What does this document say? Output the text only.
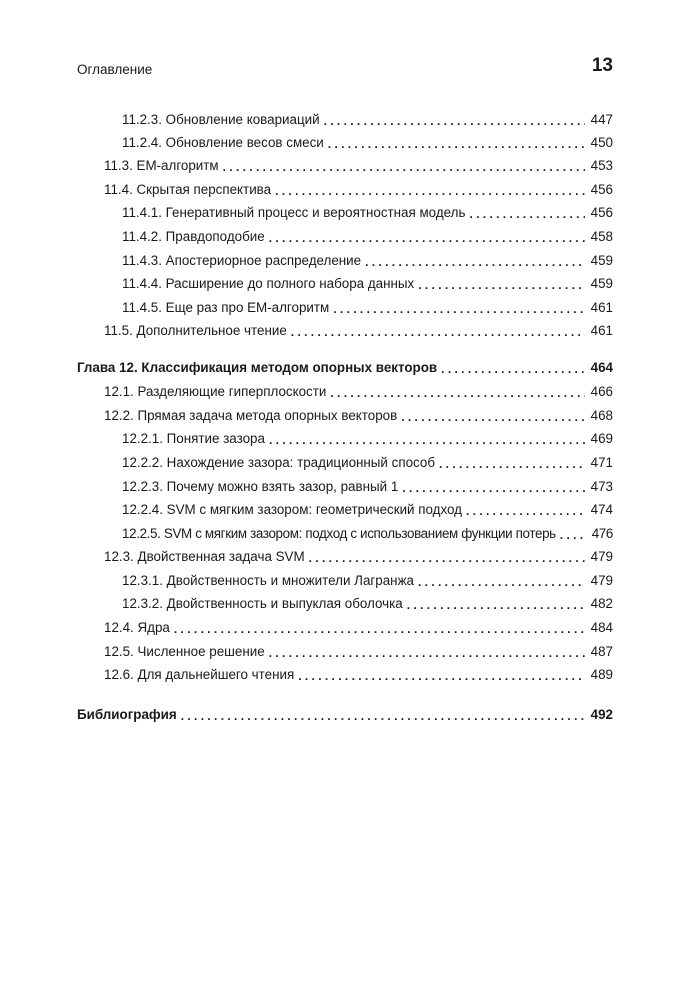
Оглавление	13
11.2.3. Обновление ковариаций . . .	447
11.2.4. Обновление весов смеси . . .	450
11.3. EM-алгоритм . . .	453
11.4. Скрытая перспектива . . .	456
11.4.1. Генеративный процесс и вероятностная модель . . .	456
11.4.2. Правдоподобие . . .	458
11.4.3. Апостериорное распределение . . .	459
11.4.4. Расширение до полного набора данных . . .	459
11.4.5. Еще раз про EM-алгоритм . . .	461
11.5. Дополнительное чтение . . .	461
Глава 12. Классификация методом опорных векторов . . .	464
12.1. Разделяющие гиперплоскости . . .	466
12.2. Прямая задача метода опорных векторов . . .	468
12.2.1. Понятие зазора . . .	469
12.2.2. Нахождение зазора: традиционный способ . . .	471
12.2.3. Почему можно взять зазор, равный 1 . . .	473
12.2.4. SVM с мягким зазором: геометрический подход . . .	474
12.2.5. SVM с мягким зазором: подход с использованием функции потерь . . .	476
12.3. Двойственная задача SVM . . .	479
12.3.1. Двойственность и множители Лагранжа . . .	479
12.3.2. Двойственность и выпуклая оболочка . . .	482
12.4. Ядра . . .	484
12.5. Численное решение . . .	487
12.6. Для дальнейшего чтения . . .	489
Библиография . . .	492
